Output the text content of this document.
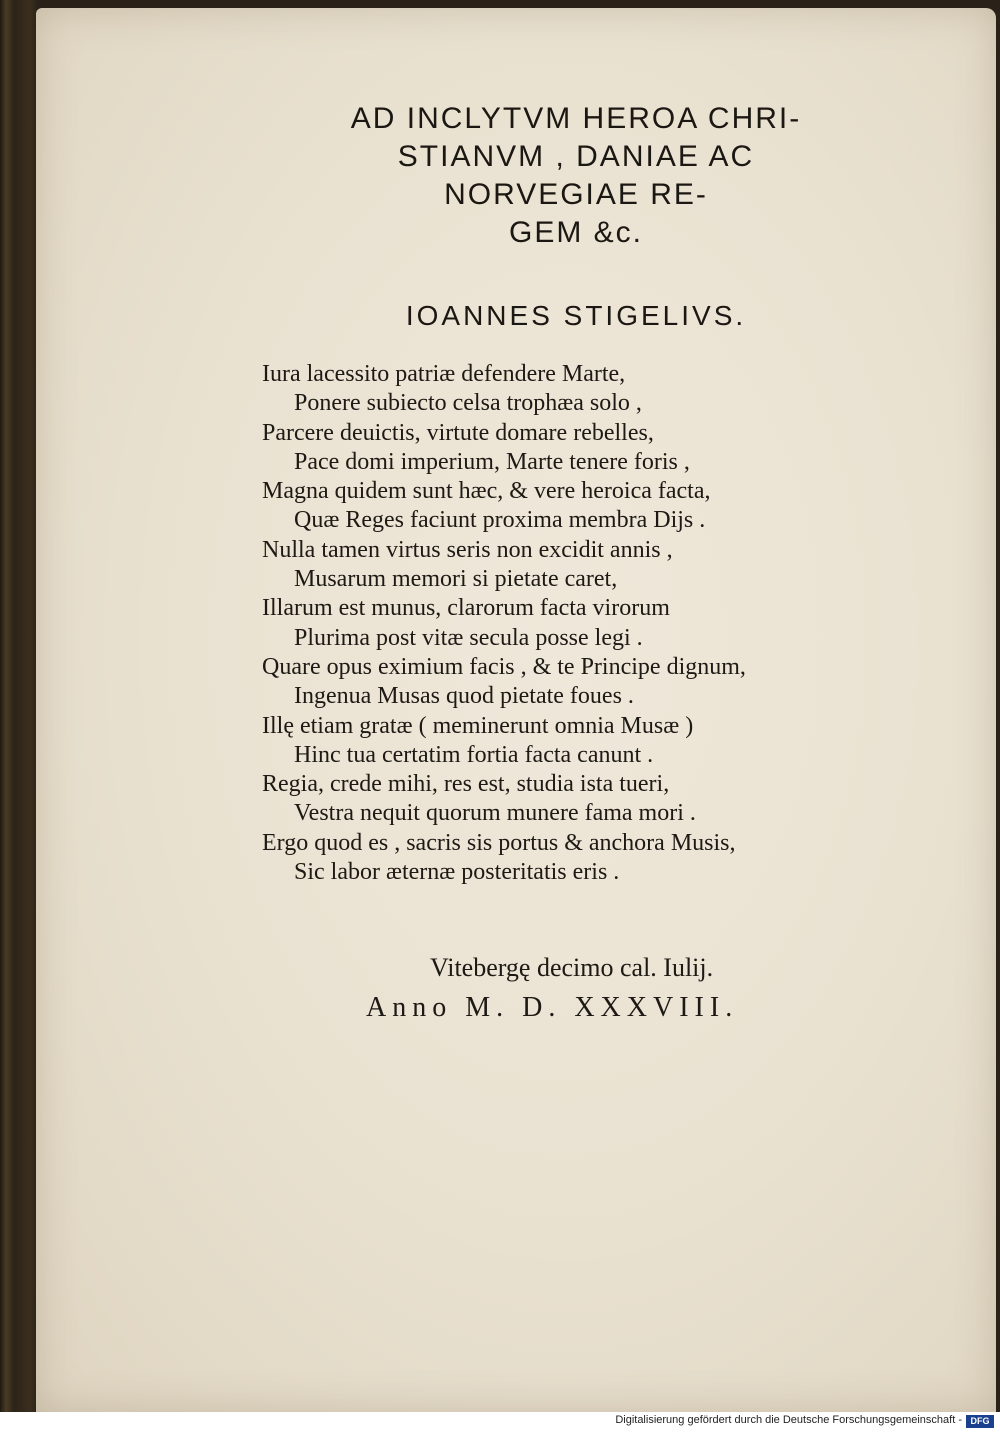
AD INCLYTVM HEROA CHRI-
STIANVM , DANIAE AC
NORVEGIAE RE-
GEM &c.
IOANNES STIGELIVS.
Iura lacessito patriæ defendere Marte,
Ponere subiecto celsa trophæa solo ,
Parcere deuictis, virtute domare rebelles,
Pace domi imperium, Marte tenere foris ,
Magna quidem sunt hæc, & vere heroica facta,
Quæ Reges faciunt proxima membra Dijs .
Nulla tamen virtus seris non excidit annis ,
Musarum memori si pietate caret,
Illarum est munus, clarorum facta virorum
Plurima post vitæ secula posse legi .
Quare opus eximium facis , & te Principe dignum,
Ingenua Musas quod pietate foues .
Illę etiam gratæ ( meminerunt omnia Musæ )
Hinc tua certatim fortia facta canunt .
Regia, crede mihi, res est, studia ista tueri,
Vestra nequit quorum munere fama mori .
Ergo quod es , sacris sis portus & anchora Musis,
Sic labor æternæ posteritatis eris .
Vitebergę decimo cal. Iulij.
Anno M. D. XXXVIII.
Digitalisierung gefördert durch die Deutsche Forschungsgemeinschaft - DFG
